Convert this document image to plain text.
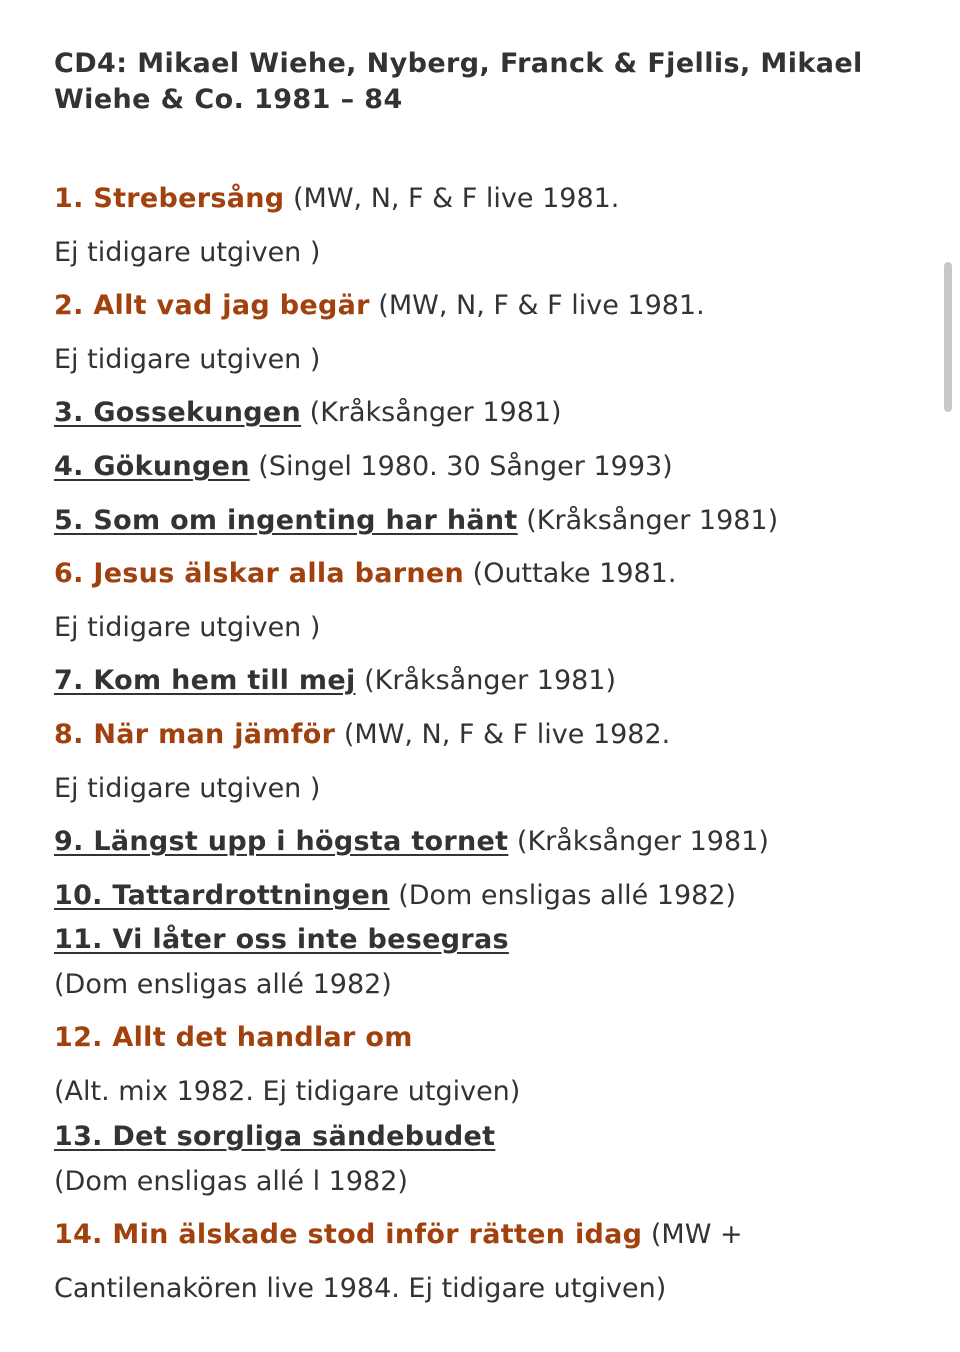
CD4: Mikael Wiehe, Nyberg, Franck & Fjellis, Mikael Wiehe & Co. 1981 – 84
1. Strebersång (MW, N, F & F live 1981.
Ej tidigare utgiven )
2. Allt vad jag begär (MW, N, F & F live 1981.
Ej tidigare utgiven )
3. Gossekungen (Kråksånger 1981)
4. Gökungen (Singel 1980. 30 Sånger 1993)
5. Som om ingenting har hänt (Kråksånger 1981)
6. Jesus älskar alla barnen (Outtake 1981.
Ej tidigare utgiven )
7. Kom hem till mej (Kråksånger 1981)
8. När man jämför (MW, N, F & F live 1982.
Ej tidigare utgiven )
9. Längst upp i högsta tornet (Kråksånger 1981)
10. Tattardrottningen (Dom ensligas allé 1982)
11. Vi låter oss inte besegras
(Dom ensligas allé 1982)
12. Allt det handlar om
(Alt. mix 1982. Ej tidigare utgiven)
13. Det sorgliga sändebudet
(Dom ensligas allé l 1982)
14. Min älskade stod inför rätten idag (MW +
Cantilenakören live 1984. Ej tidigare utgiven)
